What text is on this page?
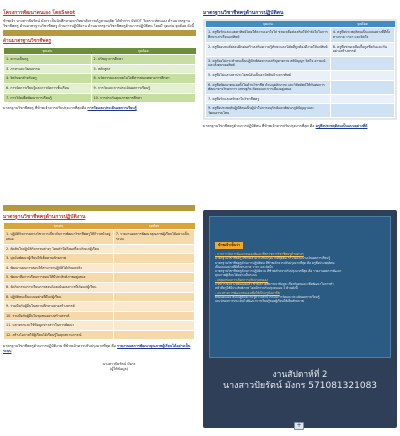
โครงการพัฒนาตนเอง โดยSwot
ข้าพเจ้า นางสาวปัยรัตน์ มังกร เป็นนักศึกษามหาวิทยาลัยราชภัฏสวนดุสิต ได้ทำการ SWOT วิเคราะห์ตนเอง ด้านมาตรฐานวิชาชีพครู ด้านมาตรฐานวิชาชีพครู ด้านการปฏิบัติงาน ด้านมาตรฐานวิชาชีพครูด้านการปฏิบัติตน โดยมี จุดเด่น จุดด้อย ดังนี้
ด้านมาตรฐานวิชาชีพครู
จุดเด่น	จุดด้อย
1. ความเป็นครู	2. ปรัชญาการศึกษา
3. ภาษาและวัฒนธรรม	5. หลักสูตร
4. จิตวิทยาสำหรับครู	8. นวัตกรรมและเทคโนโลยีสารสนเทศทางการศึกษา
6. การจัดการเรียนรู้และการจัดการชั้นเรียน	9. การวัดและการประเมินผลการเรียนรู้
7. การวิจัยเพื่อพัฒนาการเรียนรู้	10. การประกันคุณภาพการศึกษา
มาตรฐานวิชาชีพครู ที่ข้าพเจ้าควรปรับปรุงมากที่สุดคือ การวัดและประเมินผลการเรียนรู้
มาตรฐานวิชาชีพครูด้านการปฏิบัติตน
จุดเด่น	จุดด้อย
1. ครูพึงรักและเมตตาศิษย์โดยให้ความเอาใจใส่ ช่วยเหลือส่งเสริมให้กำลังใจในการศึกษาเล่าเรียนแก่ศิษย์	4. ครูพึงประพฤติตนเป็นแบบอย่างที่ดีทั้งทางกาย วาจา และจิตใจ
2. ครูพึงอบรมสั่งสอนฝึกฝนสร้างเสริมความรู้ทักษะและนิสัยที่ถูกต้องดีงามให้แก่ศิษย์	8. ครูพึงช่วยเหลือเกื้อกูลซึ่งกันและกันอย่างสร้างสรรค์
3. ครูต้องไม่กระทำตนเป็นปฏิปักษ์ต่อความเจริญทางกาย สติปัญญา จิตใจ อารมณ์ และสังคมของศิษย์	
5. ครูพึงไม่แสวงหาประโยชน์อันเป็นอามิสสินจ้างจากศิษย์	
6. ครูพึงพัฒนาตนเองทั้งในด้านวิชาชีพ ด้านบุคลิกภาพ และวิสัยทัศน์ให้ทันต่อการพัฒนาทางวิทยาการ เศรษฐกิจ สังคมและการเมืองอยู่เสมอ	
7. ครูพึงรักและศรัทธาในวิชาชีพครู	
9. ครูพึงประพฤติปฏิบัติตนเป็นผู้นำในการอนุรักษ์และพัฒนาภูมิปัญญาและวัฒนธรรมไทย	
มาตรฐานวิชาชีพครูด้านการปฏิบัติตน ที่ข้าพเจ้าควรปรับปรุงมากที่สุด คือ ครูพึงประพฤติตนเป็นแบบอย่างที่ดี
มาตรฐานวิชาชีพครูด้านการปฏิบัติงาน
จุดเด่น	จุดด้อย
1. ปฏิบัติกิจกรรมทางวิชาการเกี่ยวกับการพัฒนาวิชาชีพครูให้ก้าวหน้าอยู่เสมอ	7. รายงานผลการพัฒนาคุณภาพผู้เรียนได้อย่างเป็นระบบ
2. ตัดสินใจปฏิบัติกิจกรรมต่างๆ โดยคำนึงถึงผลที่จะเกิดแก่ผู้เรียน	
3. มุ่งมั่นพัฒนาผู้เรียนให้เต็มตามศักยภาพ	
4. พัฒนาแผนการสอนให้สามารถปฏิบัติได้เกิดผลจริง	
5. พัฒนาสื่อการเรียนการสอนให้มีประสิทธิภาพอยู่เสมอ	
6. จัดกิจกรรมการเรียนการสอนโดยเน้นผลถาวรที่เกิดแก่ผู้เรียน	
8. ปฏิบัติตนเป็นแบบอย่างที่ดีแก่ผู้เรียน	
9. ร่วมมือกับผู้อื่นในสถานศึกษาอย่างสร้างสรรค์	
10. ร่วมมือกับผู้อื่นในชุมชนอย่างสร้างสรรค์	
11. แสวงหาและใช้ข้อมูลข่าวสารในการพัฒนา	
12. สร้างโอกาสให้ผู้เรียนได้เรียนรู้ในทุกสถานการณ์	
มาตรฐานวิชาชีพครูด้านการปฏิบัติงาน ที่ข้าพเจ้าควรปรับปรุงมากที่สุด คือ รายงานผลการพัฒนาคุณภาพผู้เรียนได้อย่างเป็นระบบ
นางสาวปัยรัตน์ มังกร
(ผู้ให้ข้อมูล)
ข้าพเจ้าเห็นว่า
- การการวัดการพัฒนาตนเองพัฒนาชีพราชการวิชาชีพครูด้านต่างๆ
มาตรฐานวิชาชีพครู ที่ข้าพเจ้าควรปรับปรุงมากที่สุดคือ การวัดและประเมินผลการเรียนรู้
มาตรฐานวิชาชีพครูด้านการปฏิบัติตน ที่ข้าพเจ้าควรปรับปรุงมากที่สุด คือ ครูพึงประพฤติตน
เป็นแบบอย่างที่ดีทั้งทางกาย วาจา และจิตใจ
มาตรฐานวิชาชีพครูด้านการปฏิบัติงาน ที่ข้าพเจ้าควรปรับปรุงมากที่สุด คือ รายงานผลการพัฒนา
คุณภาพผู้เรียนได้อย่างเป็นระบบ
- เหตุผลของการเลือกการปรับปรุงตนเอง
จากการวิเคราะห์ตนเองแล้ว ข้าพเจ้าได้พิจารณาข้อมูล เกี่ยวกับตนเอง เพื่อพัฒนาในการทำ
หน้าที่ครูให้มีประสิทธิภาพ โดยมีการปรับปรุงตนเอง 3 ด้านดังนี้
- แนวทางการพัฒนาตนเองเพื่อให้เป็นครูมืออาชีพ
ฝึกฝนตนเองให้เป็นผู้ที่มีความรู้ความสามารถในการวัดและประเมินผลการเรียนรู้
และนำผลการประเมินไปพัฒนาการเรียนรู้ของผู้เรียนให้เต็มศักยภาพ
งานสัปดาห์ที่ 2
นางสาวปัยรัตน์ มังกร 571081321083
+
